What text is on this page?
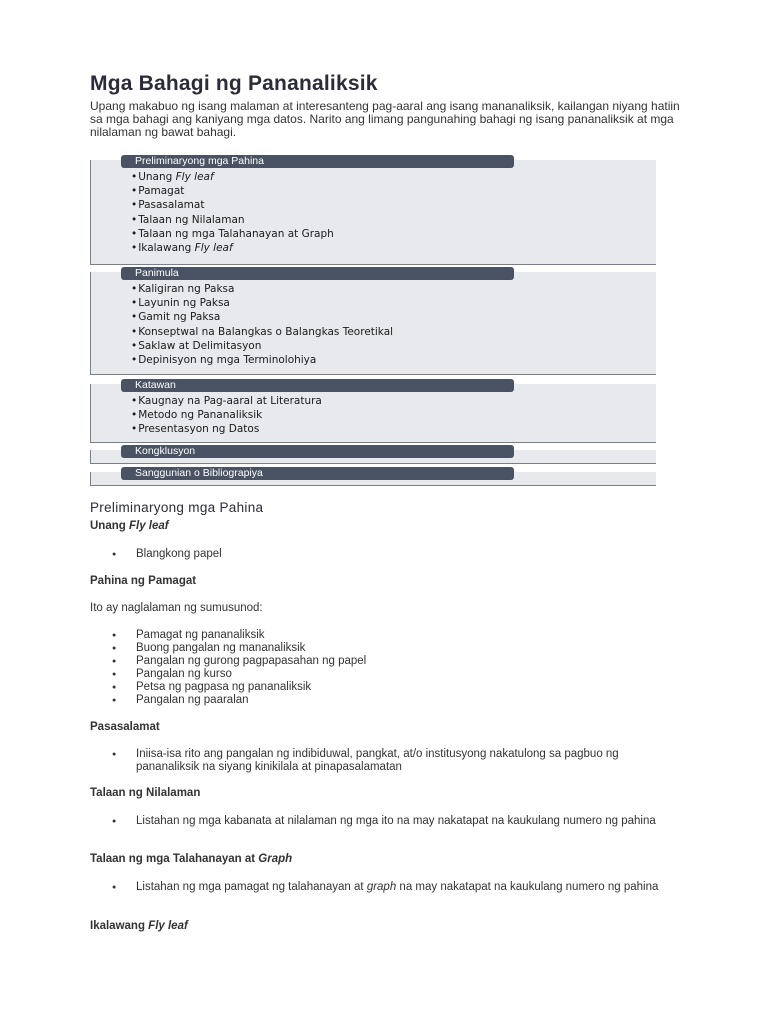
Mga Bahagi ng Pananaliksik

Upang makabuo ng isang malaman at interesanteng pag-aaral ang isang mananaliksik, kailangan niyang hatiin sa mga bahagi ang kaniyang mga datos. Narito ang limang pangunahing bahagi ng isang pananaliksik at mga nilalaman ng bawat bahagi.

Preliminaryong mga Pahina
• Unang Fly leaf
• Pamagat
• Pasasalamat
• Talaan ng Nilalaman
• Talaan ng mga Talahanayan at Graph
• Ikalawang Fly leaf
Panimula
• Kaligiran ng Paksa
• Layunin ng Paksa
• Gamit ng Paksa
• Konseptwal na Balangkas o Balangkas Teoretikal
• Saklaw at Delimitasyon
• Depinisyon ng mga Terminolohiya
Katawan
• Kaugnay na Pag-aaral at Literatura
• Metodo ng Pananaliksik
• Presentasyon ng Datos
Kongklusyon
Sanggunian o Bibliograpiya
Preliminaryong mga Pahina
Unang Fly leaf
● Blangkong papel
Pahina ng Pamagat

Ito ay naglalaman ng sumusunod:

● Pamagat ng pananaliksik
● Buong pangalan ng mananaliksik
● Pangalan ng gurong pagpapasahan ng papel
● Pangalan ng kurso
● Petsa ng pagpasa ng pananaliksik
● Pangalan ng paaralan
Pasasalamat
● Iniisa-isa rito ang pangalan ng indibiduwal, pangkat, at/o institusyong nakatulong sa pagbuo ng pananaliksik na siyang kinikilala at pinapasalamatan
Talaan ng Nilalaman
● Listahan ng mga kabanata at nilalaman ng mga ito na may nakatapat na kaukulang numero ng pahina
Talaan ng mga Talahanayan at Graph
● Listahan ng mga pamagat ng talahanayan at graph na may nakatapat na kaukulang numero ng pahina
Ikalawang Fly leaf
